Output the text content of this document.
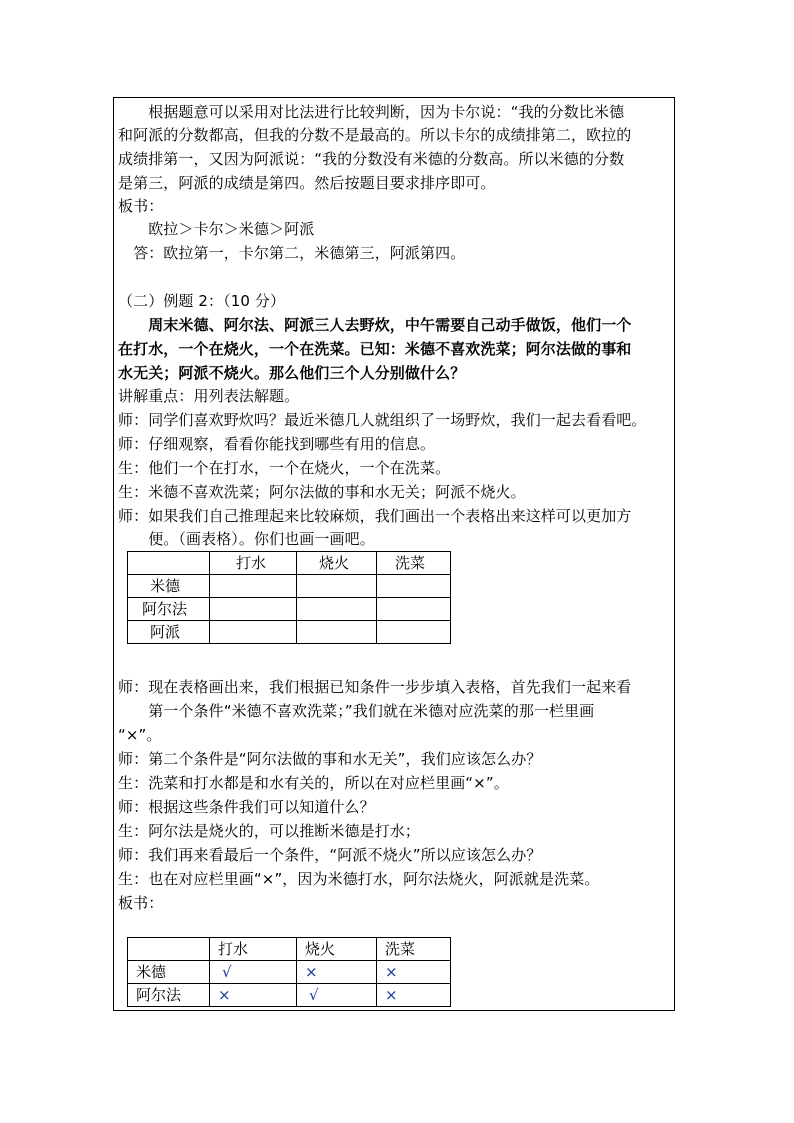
　　根据题意可以采用对比法进行比较判断，因为卡尔说：“我的分数比米德
和阿派的分数都高，但我的分数不是最高的。所以卡尔的成绩排第二，欧拉的
成绩排第一，又因为阿派说：“我的分数没有米德的分数高。所以米德的分数
是第三，阿派的成绩是第四。然后按题目要求排序即可。
板书：
　　欧拉＞卡尔＞米德＞阿派
　答：欧拉第一，卡尔第二，米德第三，阿派第四。
（二）例题 2：（10 分）
　　周末米德、阿尔法、阿派三人去野炊，中午需要自己动手做饭，他们一个
在打水，一个在烧火，一个在洗菜。已知：米德不喜欢洗菜；阿尔法做的事和
水无关；阿派不烧火。那么他们三个人分别做什么？
讲解重点：用列表法解题。
师：同学们喜欢野炊吗？最近米德几人就组织了一场野炊，我们一起去看看吧。
师：仔细观察，看看你能找到哪些有用的信息。
生：他们一个在打水，一个在烧火，一个在洗菜。
生：米德不喜欢洗菜；阿尔法做的事和水无关；阿派不烧火。
师：如果我们自己推理起来比较麻烦，我们画出一个表格出来这样可以更加方
　　便。（画表格）。你们也画一画吧。
	打水	烧火	洗菜
米德			
阿尔法			
阿派			
师：现在表格画出来，我们根据已知条件一步步填入表格，首先我们一起来看
　　第一个条件“米德不喜欢洗菜；”我们就在米德对应洗菜的那一栏里画
“×”。
师：第二个条件是“阿尔法做的事和水无关”，我们应该怎么办？
生：洗菜和打水都是和水有关的，所以在对应栏里画“×”。
师：根据这些条件我们可以知道什么？
生：阿尔法是烧火的，可以推断米德是打水；
师：我们再来看最后一个条件，“阿派不烧火”所以应该怎么办？
生：也在对应栏里画“×”，因为米德打水，阿尔法烧火，阿派就是洗菜。
板书：
	打水	烧火	洗菜
米德	√	×	×
阿尔法	×	√	×
